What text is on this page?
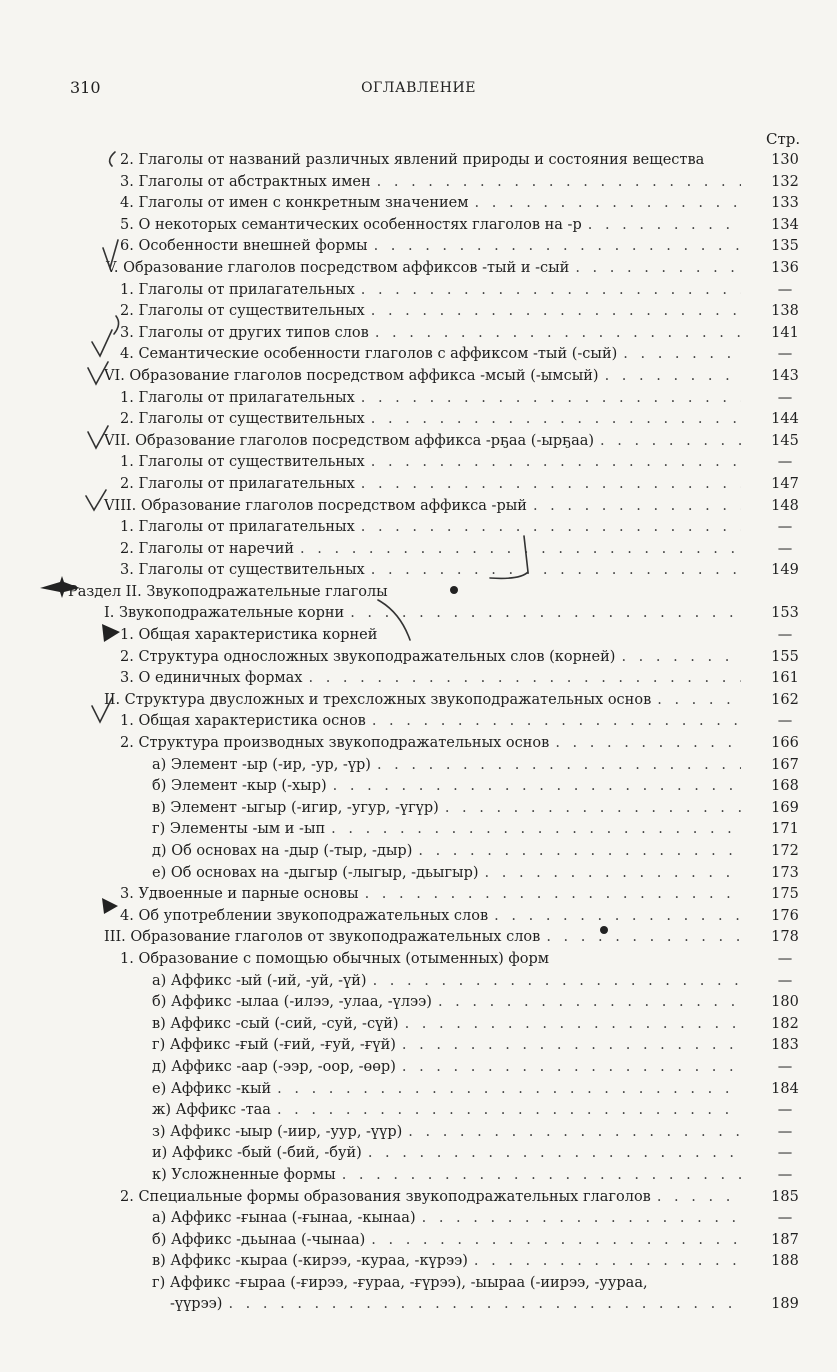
310	ОГЛАВЛЕНИЕ
Стр.
2. Глаголы от названий различных явлений природы и состояния вещества	130
3. Глаголы от абстрактных имен . . .	132
4. Глаголы от имен с конкретным значением . . .	133
5. О некоторых семантических особенностях глаголов на -р . . .	134
6. Особенности внешней формы . . .	135
V. Образование глаголов посредством аффиксов -тый и -сый . . .	136
1. Глаголы от прилагательных . . .	—
2. Глаголы от существительных . . .	138
3. Глаголы от других типов слов . . .	141
4. Семантические особенности глаголов с аффиксом -тый (-сый) . . .	—
VI. Образование глаголов посредством аффикса -мсый (-ымсый) . . .	143
1. Глаголы от прилагательных . . .	—
2. Глаголы от существительных . . .	144
VII. Образование глаголов посредством аффикса -рҕаа (-ырҕаа) . . .	145
1. Глаголы от существительных . . .	—
2. Глаголы от прилагательных . . .	147
VIII. Образование глаголов посредством аффикса -рый . . .	148
1. Глаголы от прилагательных . . .	—
2. Глаголы от наречий . . .	—
3. Глаголы от существительных . . .	149
Раздел II. Звукоподражательные глаголы
I. Звукоподражательные корни . . .	153
1. Общая характеристика корней	—
2. Структура односложных звукоподражательных слов (корней) . . .	155
3. О единичных формах . . .	161
II. Структура двусложных и трехсложных звукоподражательных основ . . .	162
1. Общая характеристика основ . . .	—
2. Структура производных звукоподражательных основ . . .	166
а) Элемент -ыр (-ир, -ур, -үр) . . .	167
б) Элемент -кыр (-хыр) . . .	168
в) Элемент -ыгыр (-игир, -угур, -үгүр) . . .	169
г) Элементы -ым и -ып . . .	171
д) Об основах на -дыр (-тыр, -дыр) . . .	172
е) Об основах на -дыгыр (-лыгыр, -дьыгыр) . . .	173
3. Удвоенные и парные основы . . .	175
4. Об употреблении звукоподражательных слов . . .	176
III. Образование глаголов от звукоподражательных слов . . .	178
1. Образование с помощью обычных (отыменных) форм	—
а) Аффикс -ый (-ий, -уй, -үй) . . .	—
б) Аффикс -ылаа (-илээ, -улаа, -үлээ) . . .	180
в) Аффикс -сый (-сий, -суй, -сүй) . . .	182
г) Аффикс -ғый (-ғий, -ғуй, -ғүй) . . .	183
д) Аффикс -аар (-ээр, -оор, -өөр) . . .	—
е) Аффикс -кый . . .	184
ж) Аффикс -таа . . .	—
з) Аффикс -ыыр (-иир, -уур, -үүр) . . .	—
и) Аффикс -бый (-бий, -буй) . . .	—
к) Усложненные формы . . .	—
2. Специальные формы образования звукоподражательных глаголов . . .	185
а) Аффикс -ғынаа (-ғынаа, -кынаа) . . .	—
б) Аффикс -дьынаа (-чынаа) . . .	187
в) Аффикс -кыраа (-кирээ, -кураа, -күрээ) . . .	188
г) Аффикс -ғыраа (-ғирээ, -ғураа, -ғүрээ), -ыыраа (-иирээ, -уураа,
-үүрээ) . . .	189
